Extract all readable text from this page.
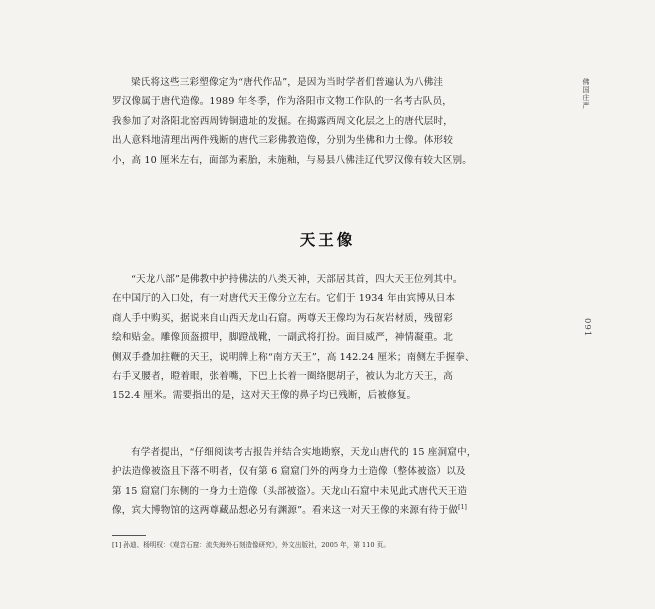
佛国庄严
梁氏将这些三彩塑像定为“唐代作品”，是因为当时学者们普遍认为八佛洼
罗汉像属于唐代造像。1989 年冬季，作为洛阳市文物工作队的一名考古队员，
我参加了对洛阳北窑西周铸铜遗址的发掘。在揭露西周文化层之上的唐代层时，
出人意料地清理出两件残断的唐代三彩佛教造像，分别为坐佛和力士像。体形较
小，高 10 厘米左右，面部为素胎，未施釉，与易县八佛洼辽代罗汉像有较大区别。
天王像
“天龙八部”是佛教中护持佛法的八类天神，天部居其首，四大天王位列其中。
在中国厅的入口处，有一对唐代天王像分立左右。它们于 1934 年由宾博从日本
商人手中购买，据说来自山西天龙山石窟。两尊天王像均为石灰岩材质，残留彩
绘和贴金。雕像顶盔掼甲，脚蹬战靴，一副武将打扮。面目威严，神情凝重。北
侧双手叠加拄鞭的天王，说明牌上称“南方天王”，高 142.24 厘米；南侧左手握拳、
右手叉腰者，瞪着眼，张着嘴，下巴上长着一圈络腮胡子，被认为北方天王，高
152.4 厘米。需要指出的是，这对天王像的鼻子均已残断，后被修复。
091
有学者提出，“仔细阅读考古报告并结合实地勘察，天龙山唐代的 15 座洞窟中，
护法造像被盗且下落不明者，仅有第 6 窟窟门外的两身力士造像（整体被盗）以及
第 15 窟窟门东侧的一身力士造像（头部被盗）。天龙山石窟中未见此式唐代天王造
像，宾大博物馆的这两尊藏品想必另有渊源”。看来这一对天王像的来源有待于做[1]
[1] 孙迪、杨明权：《观音石窟：流失海外石刻造像研究》，外文出版社，2005 年，第 110 页。
